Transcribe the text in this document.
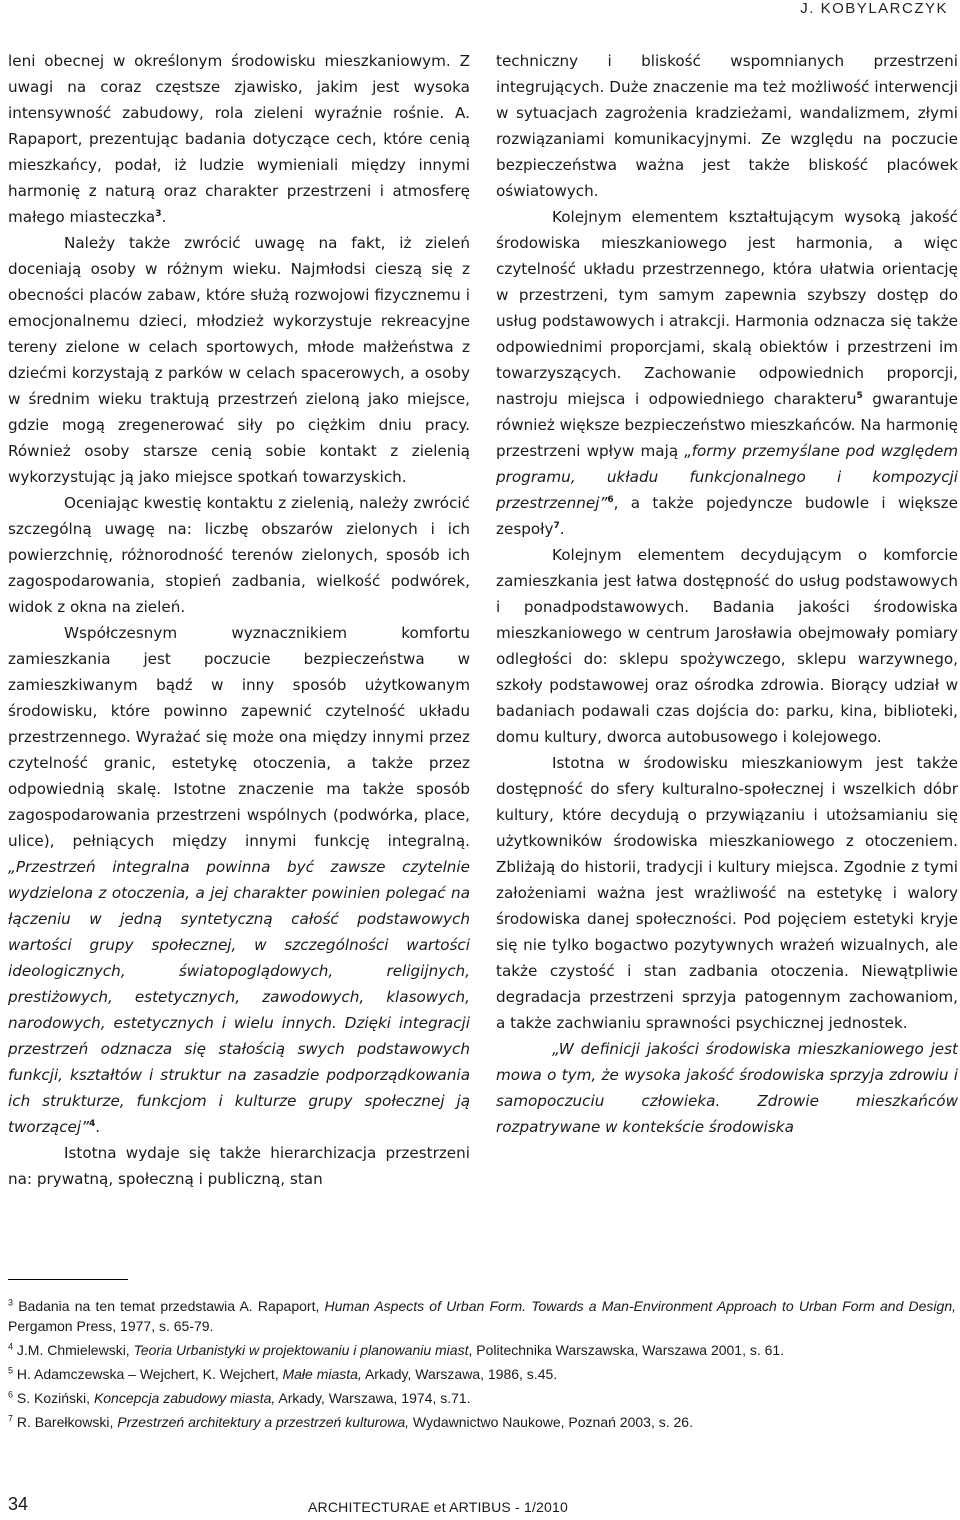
J. KOBYLARCZYK

leni obecnej w określonym środowisku mieszkaniowym. Z uwagi na coraz częstsze zjawisko, jakim jest wysoka intensywność zabudowy, rola zieleni wyraźnie rośnie. A. Rapaport, prezentując badania dotyczące cech, które cenią mieszkańcy, podał, iż ludzie wymieniali między innymi harmonię z naturą oraz charakter przestrzeni i atmosferę małego miasteczka$^3$.

Należy także zwrócić uwagę na fakt, iż zieleń doceniają osoby w różnym wieku. Najmłodsi cieszą się z obecności placów zabaw, które służą rozwojowi fizycznemu i emocjonalnemu dzieci, młodzież wykorzystuje rekreacyjne tereny zielone w celach sportowych, młode małżeństwa z dziećmi korzystają z parków w celach spacerowych, a osoby w średnim wieku traktują przestrzeń zieloną jako miejsce, gdzie mogą zregenerować siły po ciężkim dniu pracy. Również osoby starsze cenią sobie kontakt z zielenią wykorzystując ją jako miejsce spotkań towarzyskich.

Oceniając kwestię kontaktu z zielenią, należy zwrócić szczególną uwagę na: liczbę obszarów zielonych i ich powierzchnię, różnorodność terenów zielonych, sposób ich zagospodarowania, stopień zadbania, wielkość podwórek, widok z okna na zieleń.

Współczesnym wyznacznikiem komfortu zamieszkania jest poczucie bezpieczeństwa w zamieszkiwanym bądź w inny sposób użytkowanym środowisku, które powinno zapewnić czytelność układu przestrzennego. Wyrażać się może ona między innymi przez czytelność granic, estetykę otoczenia, a także przez odpowiednią skalę. Istotne znaczenie ma także sposób zagospodarowania przestrzeni wspólnych (podwórka, place, ulice), pełniących między innymi funkcję integralną. „Przestrzeń integralna powinna być zawsze czytelnie wydzielona z otoczenia, a jej charakter powinien polegać na łączeniu w jedną syntetyczną całość podstawowych wartości grupy społecznej, w szczególności wartości ideologicznych, światopoglądowych, religijnych, prestiżowych, estetycznych, zawodowych, klasowych, narodowych, estetycznych i wielu innych. Dzięki integracji przestrzeń odznacza się stałością swych podstawowych funkcji, kształtów i struktur na zasadzie podporządkowania ich strukturze, funkcjom i kulturze grupy społecznej ją tworzącej”$^4$.

Istotna wydaje się także hierarchizacja przestrzeni na: prywatną, społeczną i publiczną, stan

techniczny i bliskość wspomnianych przestrzeni integrujących. Duże znaczenie ma też możliwość interwencji w sytuacjach zagrożenia kradzieżami, wandalizmem, złymi rozwiązaniami komunikacyjnymi. Ze względu na poczucie bezpieczeństwa ważna jest także bliskość placówek oświatowych.

Kolejnym elementem kształtującym wysoką jakość środowiska mieszkaniowego jest harmonia, a więc czytelność układu przestrzennego, która ułatwia orientację w przestrzeni, tym samym zapewnia szybszy dostęp do usług podstawowych i atrakcji. Harmonia odznacza się także odpowiednimi proporcjami, skalą obiektów i przestrzeni im towarzyszących. Zachowanie odpowiednich proporcji, nastroju miejsca i odpowiedniego charakteru$^5$ gwarantuje również większe bezpieczeństwo mieszkańców. Na harmonię przestrzeni wpływ mają „formy przemyślane pod względem programu, układu funkcjonalnego i kompozycji przestrzennej”$^6$, a także pojedyncze budowle i większe zespoły$^7$.

Kolejnym elementem decydującym o komforcie zamieszkania jest łatwa dostępność do usług podstawowych i ponadpodstawowych. Badania jakości środowiska mieszkaniowego w centrum Jarosławia obejmowały pomiary odległości do: sklepu spożywczego, sklepu warzywnego, szkoły podstawowej oraz ośrodka zdrowia. Biorący udział w badaniach podawali czas dojścia do: parku, kina, biblioteki, domu kultury, dworca autobusowego i kolejowego.

Istotna w środowisku mieszkaniowym jest także dostępność do sfery kulturalno-społecznej i wszelkich dóbr kultury, które decydują o przywiązaniu i utożsamianiu się użytkowników środowiska mieszkaniowego z otoczeniem. Zbliżają do historii, tradycji i kultury miejsca. Zgodnie z tymi założeniami ważna jest wrażliwość na estetykę i walory środowiska danej społeczności. Pod pojęciem estetyki kryje się nie tylko bogactwo pozytywnych wrażeń wizualnych, ale także czystość i stan zadbania otoczenia. Niewątpliwie degradacja przestrzeni sprzyja patogennym zachowaniom, a także zachwianiu sprawności psychicznej jednostek.

„W definicji jakości środowiska mieszkaniowego jest mowa o tym, że wysoka jakość środowiska sprzyja zdrowiu i samopoczuciu człowieka. Zdrowie mieszkańców rozpatrywane w kontekście środowiska

$^3$ Badania na ten temat przedstawia A. Rapaport, Human Aspects of Urban Form. Towards a Man-Environment Approach to Urban Form and Design, Pergamon Press, 1977, s. 65-79.
$^4$ J.M. Chmielewski, Teoria Urbanistyki w projektowaniu i planowaniu miast, Politechnika Warszawska, Warszawa 2001, s. 61.
$^5$ H. Adamczewska – Wejchert, K. Wejchert, Małe miasta, Arkady, Warszawa, 1986, s.45.
$^6$ S. Koziński, Koncepcja zabudowy miasta, Arkady, Warszawa, 1974, s.71.
$^7$ R. Barełkowski, Przestrzeń architektury a przestrzeń kulturowa, Wydawnictwo Naukowe, Poznań 2003, s. 26.
34	ARCHITECTURAE et ARTIBUS - 1/2010
